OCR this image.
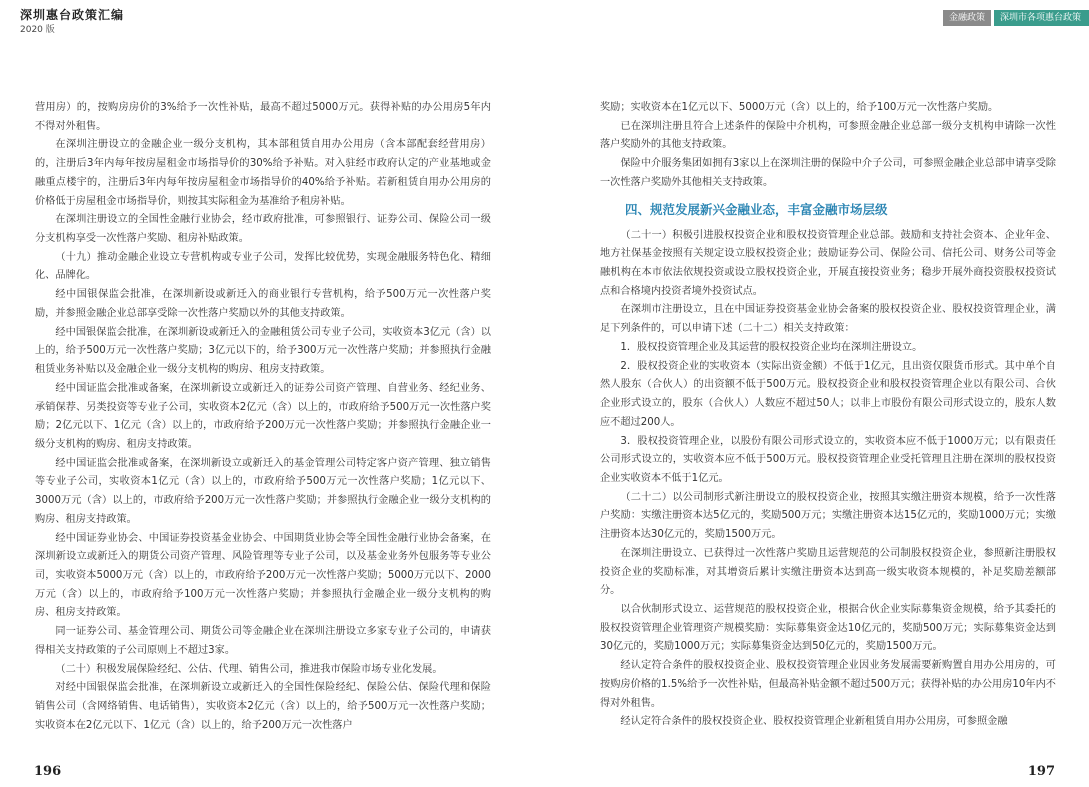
深圳惠台政策汇编
2020 版
金融政策	深圳市各项惠台政策

营用房）的，按购房房价的3%给予一次性补贴，最高不超过5000万元。获得补贴的办公用房5年内不得对外租售。

在深圳注册设立的金融企业一级分支机构，其本部租赁自用办公用房（含本部配套经营用房）的，注册后3年内每年按房屋租金市场指导价的30%给予补贴。对入驻经市政府认定的产业基地或金融重点楼宇的，注册后3年内每年按房屋租金市场指导价的40%给予补贴。若新租赁自用办公用房的价格低于房屋租金市场指导价，则按其实际租金为基准给予租房补贴。

在深圳注册设立的全国性金融行业协会，经市政府批准，可参照银行、证券公司、保险公司一级分支机构享受一次性落户奖励、租房补贴政策。

（十九）推动金融企业设立专营机构或专业子公司，发挥比较优势，实现金融服务特色化、精细化、品牌化。

经中国银保监会批准，在深圳新设或新迁入的商业银行专营机构，给予500万元一次性落户奖励，并参照金融企业总部享受除一次性落户奖励以外的其他支持政策。

经中国银保监会批准，在深圳新设或新迁入的金融租赁公司专业子公司，实收资本3亿元（含）以上的，给予500万元一次性落户奖励；3亿元以下的，给予300万元一次性落户奖励；并参照执行金融租赁业务补贴以及金融企业一级分支机构的购房、租房支持政策。

经中国证监会批准或备案，在深圳新设立或新迁入的证券公司资产管理、自营业务、经纪业务、承销保荐、另类投资等专业子公司，实收资本2亿元（含）以上的，市政府给予500万元一次性落户奖励；2亿元以下、1亿元（含）以上的，市政府给予200万元一次性落户奖励；并参照执行金融企业一级分支机构的购房、租房支持政策。

经中国证监会批准或备案，在深圳新设立或新迁入的基金管理公司特定客户资产管理、独立销售等专业子公司，实收资本1亿元（含）以上的，市政府给予500万元一次性落户奖励；1亿元以下、3000万元（含）以上的，市政府给予200万元一次性落户奖励；并参照执行金融企业一级分支机构的购房、租房支持政策。

经中国证券业协会、中国证券投资基金业协会、中国期货业协会等全国性金融行业协会备案，在深圳新设立或新迁入的期货公司资产管理、风险管理等专业子公司，以及基金业务外包服务等专业公司，实收资本5000万元（含）以上的，市政府给予200万元一次性落户奖励；5000万元以下、2000万元（含）以上的，市政府给予100万元一次性落户奖励；并参照执行金融企业一级分支机构的购房、租房支持政策。

同一证券公司、基金管理公司、期货公司等金融企业在深圳注册设立多家专业子公司的，申请获得相关支持政策的子公司原则上不超过3家。

（二十）积极发展保险经纪、公估、代理、销售公司，推进我市保险市场专业化发展。

对经中国银保监会批准，在深圳新设立或新迁入的全国性保险经纪、保险公估、保险代理和保险销售公司（含网络销售、电话销售），实收资本2亿元（含）以上的，给予500万元一次性落户奖励；实收资本在2亿元以下、1亿元（含）以上的，给予200万元一次性落户

奖励；实收资本在1亿元以下、5000万元（含）以上的，给予100万元一次性落户奖励。

已在深圳注册且符合上述条件的保险中介机构，可参照金融企业总部一级分支机构申请除一次性落户奖励外的其他支持政策。

保险中介服务集团如拥有3家以上在深圳注册的保险中介子公司，可参照金融企业总部申请享受除一次性落户奖励外其他相关支持政策。

四、规范发展新兴金融业态，丰富金融市场层级

（二十一）积极引进股权投资企业和股权投资管理企业总部。鼓励和支持社会资本、企业年金、地方社保基金按照有关规定设立股权投资企业；鼓励证券公司、保险公司、信托公司、财务公司等金融机构在本市依法依规投资或设立股权投资企业，开展直接投资业务；稳步开展外商投资股权投资试点和合格境内投资者境外投资试点。

在深圳市注册设立，且在中国证券投资基金业协会备案的股权投资企业、股权投资管理企业，满足下列条件的，可以申请下述（二十二）相关支持政策：

1．股权投资管理企业及其运营的股权投资企业均在深圳注册设立。

2．股权投资企业的实收资本（实际出资金额）不低于1亿元，且出资仅限货币形式。其中单个自然人股东（合伙人）的出资额不低于500万元。股权投资企业和股权投资管理企业以有限公司、合伙企业形式设立的，股东（合伙人）人数应不超过50人；以非上市股份有限公司形式设立的，股东人数应不超过200人。

3．股权投资管理企业，以股份有限公司形式设立的，实收资本应不低于1000万元；以有限责任公司形式设立的，实收资本应不低于500万元。股权投资管理企业受托管理且注册在深圳的股权投资企业实收资本不低于1亿元。

（二十二）以公司制形式新注册设立的股权投资企业，按照其实缴注册资本规模，给予一次性落户奖励：实缴注册资本达5亿元的，奖励500万元；实缴注册资本达15亿元的，奖励1000万元；实缴注册资本达30亿元的，奖励1500万元。

在深圳注册设立、已获得过一次性落户奖励且运营规范的公司制股权投资企业，参照新注册股权投资企业的奖励标准，对其增资后累计实缴注册资本达到高一级实收资本规模的，补足奖励差额部分。

以合伙制形式设立、运营规范的股权投资企业，根据合伙企业实际募集资金规模，给予其委托的股权投资管理企业管理资产规模奖励：实际募集资金达10亿元的，奖励500万元；实际募集资金达到30亿元的，奖励1000万元；实际募集资金达到50亿元的，奖励1500万元。

经认定符合条件的股权投资企业、股权投资管理企业因业务发展需要新购置自用办公用房的，可按购房价格的1.5%给予一次性补贴，但最高补贴金额不超过500万元；获得补贴的办公用房10年内不得对外租售。

经认定符合条件的股权投资企业、股权投资管理企业新租赁自用办公用房，可参照金融

196	197
